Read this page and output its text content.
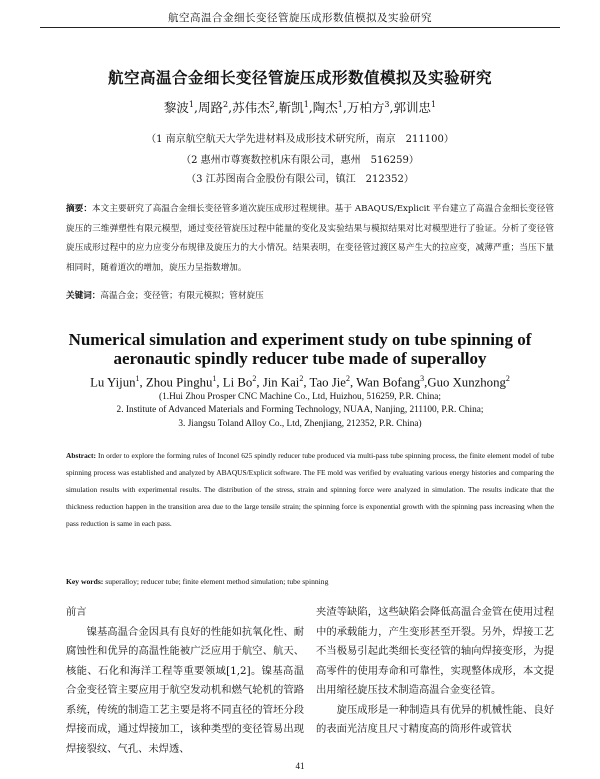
航空高温合金细长变径管旋压成形数值模拟及实验研究
航空高温合金细长变径管旋压成形数值模拟及实验研究
黎波$^1$,周路$^2$,苏伟杰$^2$,靳凯$^1$,陶杰$^1$,万柏方$^3$,郭训忠$^1$
（1 南京航空航天大学先进材料及成形技术研究所，南京　211100）
（2 惠州市尊赛数控机床有限公司，惠州　516259）
（3 江苏图南合金股份有限公司，镇江　212352）
摘要：本文主要研究了高温合金细长变径管多道次旋压成形过程规律。基于 ABAQUS/Explicit 平台建立了高温合金细长变径管旋压的三维弹塑性有限元模型，通过变径管旋压过程中能量的变化及实验结果与模拟结果对比对模型进行了验证。分析了变径管旋压成形过程中的应力应变分布规律及旋压力的大小情况。结果表明，在变径管过渡区易产生大的拉应变，减薄严重；当压下量相同时，随着道次的增加，旋压力呈指数增加。
关键词：高温合金；变径管；有限元模拟；管材旋压
Numerical simulation and experiment study on tube spinning of
aeronautic spindly reducer tube made of superalloy
Lu Yijun$^1$, Zhou Pinghu$^1$, Li Bo$^2$, Jin Kai$^2$, Tao Jie$^2$, Wan Bofang$^3$,Guo Xunzhong$^2$
(1.Hui Zhou Prosper CNC Machine Co., Ltd, Huizhou, 516259, P.R. China;
2. Institute of Advanced Materials and Forming Technology, NUAA, Nanjing, 211100, P.R. China;
3. Jiangsu Toland Alloy Co., Ltd, Zhenjiang, 212352, P.R. China)
Abstract: In order to explore the forming rules of Inconel 625 spindly reducer tube produced via multi-pass tube spinning process, the finite element model of tube spinning process was established and analyzed by ABAQUS/Explicit software. The FE mold was verified by evaluating various energy histories and comparing the simulation results with experimental results. The distribution of the stress, strain and spinning force were analyzed in simulation. The results indicate that the thickness reduction happen in the transition area due to the large tensile strain; the spinning force is exponential growth with the spinning pass increasing when the pass reduction is same in each pass.
Key words: superalloy; reducer tube; finite element method simulation; tube spinning

前言

镍基高温合金因具有良好的性能如抗氧化性、耐腐蚀性和优异的高温性能被广泛应用于航空、航天、核能、石化和海洋工程等重要领域[1,2]。镍基高温合金变径管主要应用于航空发动机和燃气轮机的管路系统，传统的制造工艺主要是将不同直径的管坯分段焊接而成，通过焊接加工，该种类型的变径管易出现焊接裂纹、气孔、未焊透、

夹渣等缺陷，这些缺陷会降低高温合金管在使用过程中的承载能力，产生变形甚至开裂。另外，焊接工艺不当极易引起此类细长变径管的轴向焊接变形，为提高零件的使用寿命和可靠性，实现整体成形，本文提出用缩径旋压技术制造高温合金变径管。

旋压成形是一种制造具有优异的机械性能、良好的表面光洁度且尺寸精度高的筒形件或管状

41
